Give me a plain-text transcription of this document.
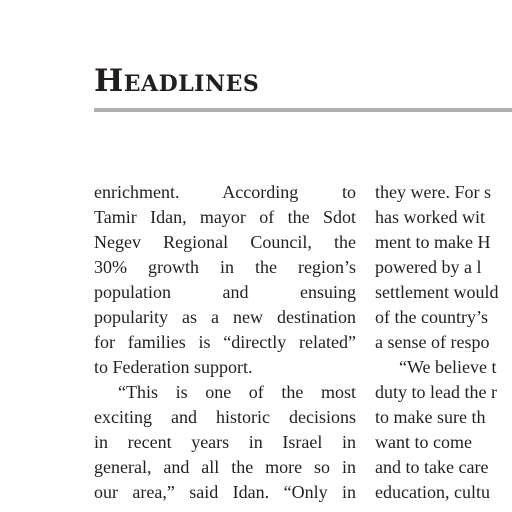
Headlines
enrichment. According to
Tamir Idan, mayor of the Sdot
Negev Regional Council, the
30% growth in the region’s
population and ensuing
popularity as a new destination
for families is “directly related”
to Federation support.
“This is one of the most
exciting and historic decisions
in recent years in Israel in
general, and all the more so in
our area,” said Idan. “Only in
they were. For s
has worked wit
ment to make H
powered by a l
settlement would
of the country’s
a sense of respo
“We believe t
duty to lead the r
to make sure th
want to come
and to take care
education, cultu
